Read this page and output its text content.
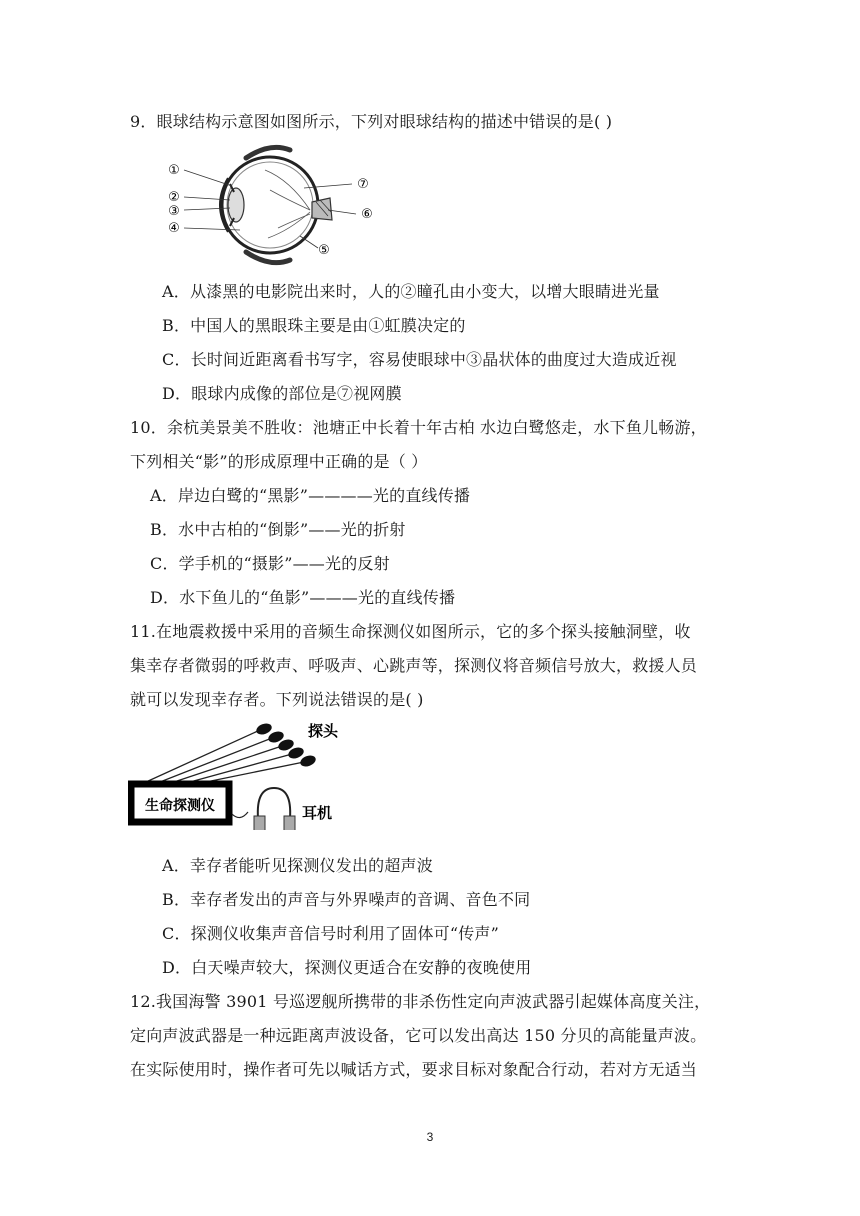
9．眼球结构示意图如图所示，下列对眼球结构的描述中错误的是( )
①
②
③
④
⑤
⑥
⑦
A．从漆黑的电影院出来时，人的②瞳孔由小变大，以增大眼睛进光量
B．中国人的黑眼珠主要是由①虹膜决定的
C．长时间近距离看书写字，容易使眼球中③晶状体的曲度过大造成近视
D．眼球内成像的部位是⑦视网膜
10．余杭美景美不胜收：池塘正中长着十年古柏 水边白鹭悠走，水下鱼儿畅游，
下列相关“影”的形成原理中正确的是（ ）
A．岸边白鹭的“黑影”————光的直线传播
B．水中古柏的“倒影”——光的折射
C．学手机的“摄影”——光的反射
D．水下鱼儿的“鱼影”———光的直线传播
11.在地震救援中采用的音频生命探测仪如图所示，它的多个探头接触洞壁，收
集幸存者微弱的呼救声、呼吸声、心跳声等，探测仪将音频信号放大，救援人员
就可以发现幸存者。下列说法错误的是( )
探头
生命探测仪	耳机
A．幸存者能听见探测仪发出的超声波
B．幸存者发出的声音与外界噪声的音调、音色不同
C．探测仪收集声音信号时利用了固体可“传声”
D．白天噪声较大，探测仪更适合在安静的夜晚使用
12.我国海警 3901 号巡逻舰所携带的非杀伤性定向声波武器引起媒体高度关注，
定向声波武器是一种远距离声波设备，它可以发出高达 150 分贝的高能量声波。
在实际使用时，操作者可先以喊话方式，要求目标对象配合行动，若对方无适当
3
